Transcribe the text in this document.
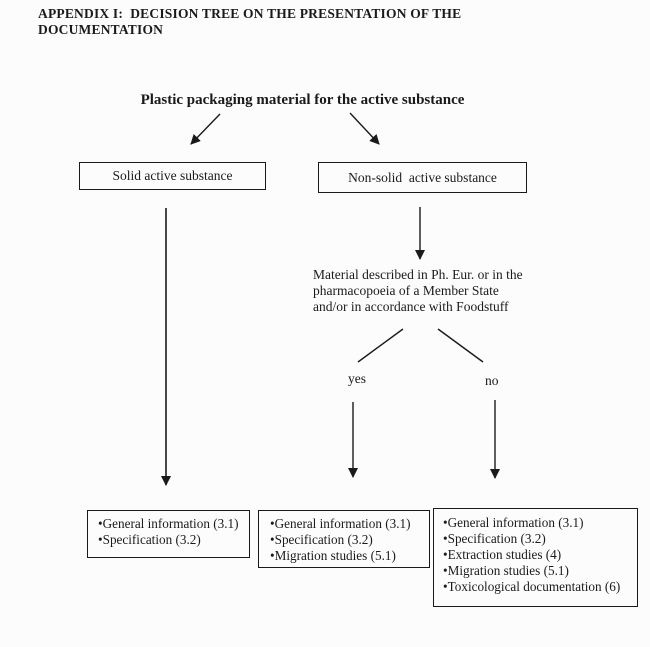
APPENDIX I:  DECISION TREE ON THE PRESENTATION OF THE
DOCUMENTATION
Plastic packaging material for the active substance
Solid active substance	Non-solid  active substance
Material described in Ph. Eur. or in the
pharmacopoeia of a Member State
and/or in accordance with Foodstuff
yes	no
•General information (3.1)
•Specification (3.2)
•General information (3.1)
•Specification (3.2)
•Migration studies (5.1)
•General information (3.1)
•Specification (3.2)
•Extraction studies (4)
•Migration studies (5.1)
•Toxicological documentation (6)
